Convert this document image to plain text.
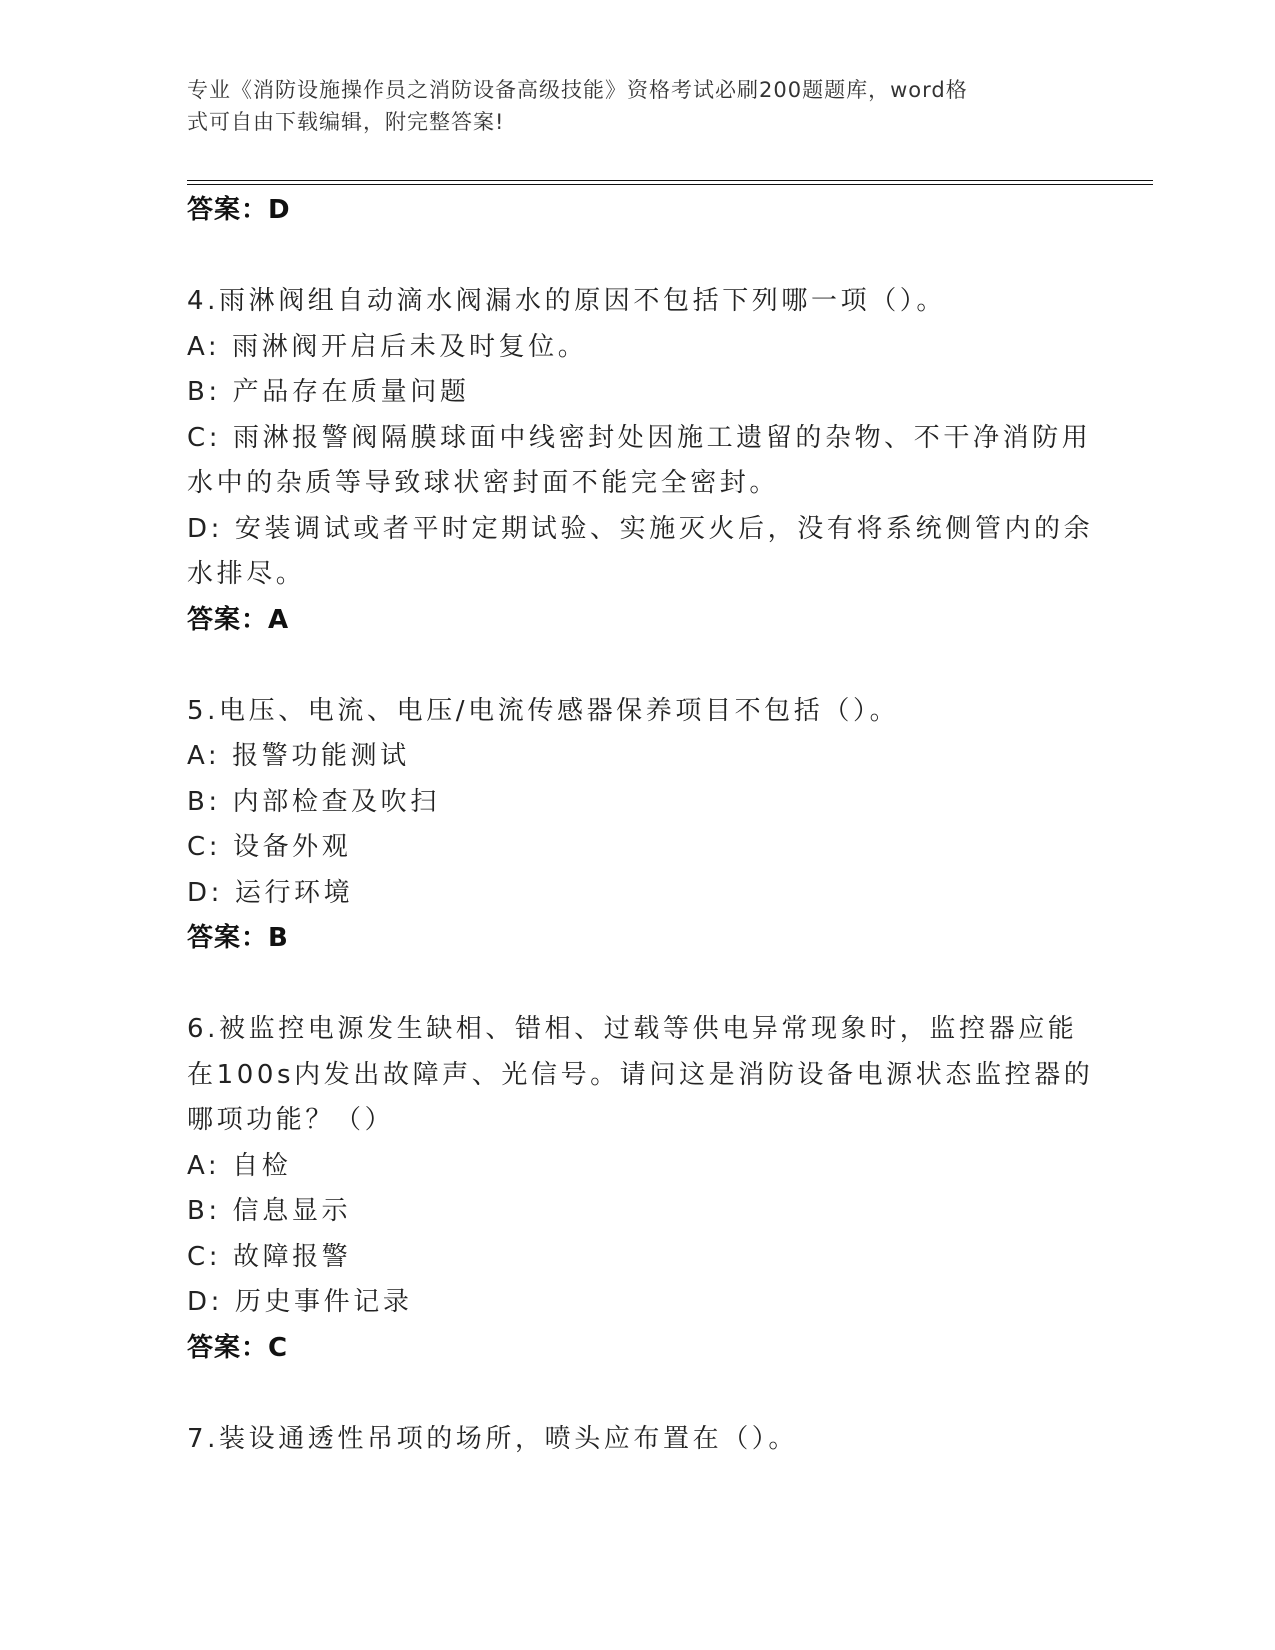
专业《消防设施操作员之消防设备高级技能》资格考试必刷200题题库，word格
式可自由下载编辑，附完整答案!
答案：D
4.雨淋阀组自动滴水阀漏水的原因不包括下列哪一项（）。
A: 雨淋阀开启后未及时复位。
B: 产品存在质量问题
C: 雨淋报警阀隔膜球面中线密封处因施工遗留的杂物、不干净消防用
水中的杂质等导致球状密封面不能完全密封。
D: 安装调试或者平时定期试验、实施灭火后，没有将系统侧管内的余
水排尽。
答案：A
5.电压、电流、电压/电流传感器保养项目不包括（）。
A: 报警功能测试
B: 内部检查及吹扫
C: 设备外观
D: 运行环境
答案：B
6.被监控电源发生缺相、错相、过载等供电异常现象时，监控器应能
在100s内发出故障声、光信号。请问这是消防设备电源状态监控器的
哪项功能？（）
A: 自检
B: 信息显示
C: 故障报警
D: 历史事件记录
答案：C
7.装设通透性吊项的场所，喷头应布置在（）。
